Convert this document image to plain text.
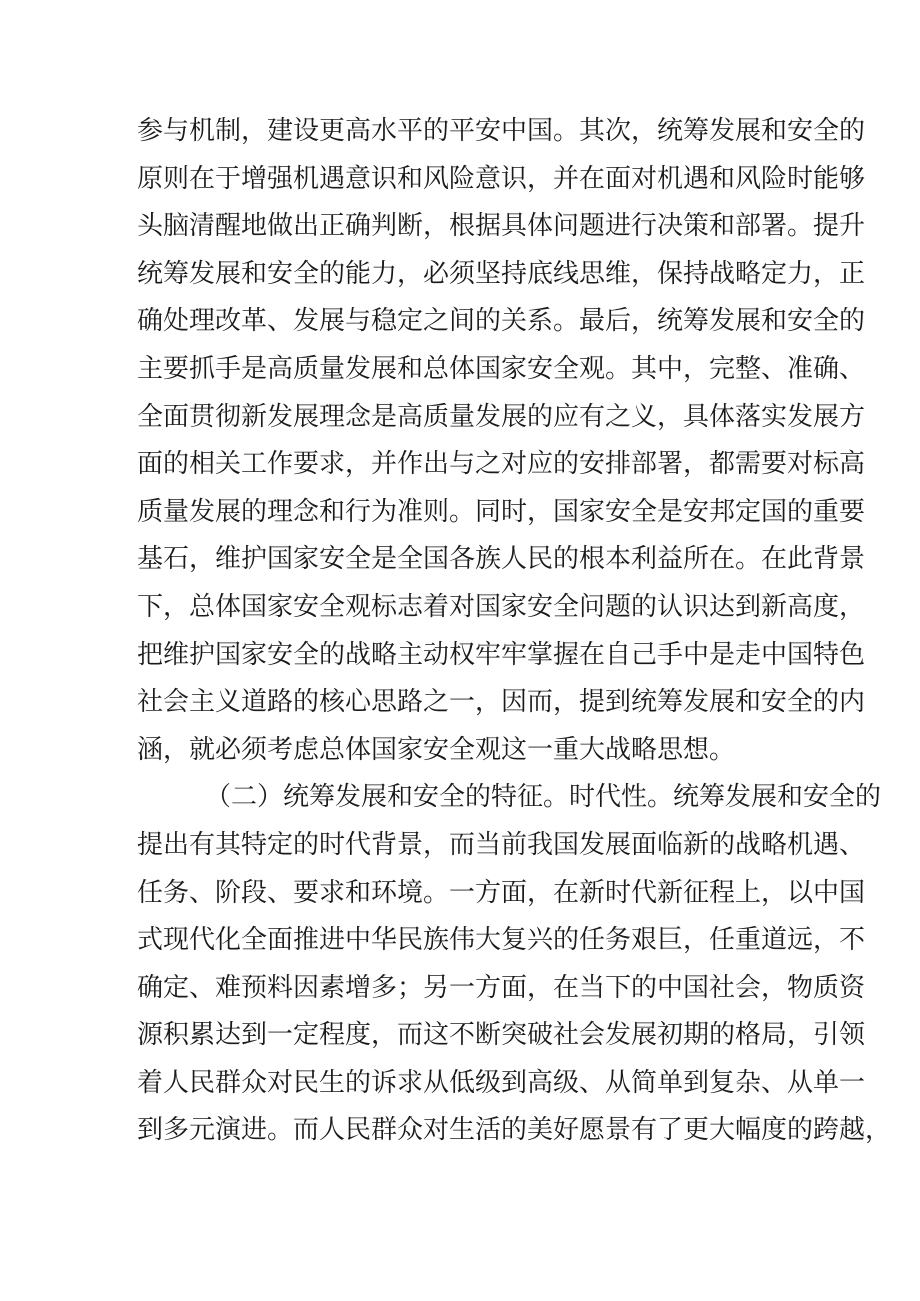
参与机制，建设更高水平的平安中国。其次，统筹发展和安全的
原则在于增强机遇意识和风险意识，并在面对机遇和风险时能够
头脑清醒地做出正确判断，根据具体问题进行决策和部署。提升
统筹发展和安全的能力，必须坚持底线思维，保持战略定力，正
确处理改革、发展与稳定之间的关系。最后，统筹发展和安全的
主要抓手是高质量发展和总体国家安全观。其中，完整、准确、
全面贯彻新发展理念是高质量发展的应有之义，具体落实发展方
面的相关工作要求，并作出与之对应的安排部署，都需要对标高
质量发展的理念和行为准则。同时，国家安全是安邦定国的重要
基石，维护国家安全是全国各族人民的根本利益所在。在此背景
下，总体国家安全观标志着对国家安全问题的认识达到新高度，
把维护国家安全的战略主动权牢牢掌握在自己手中是走中国特色
社会主义道路的核心思路之一，因而，提到统筹发展和安全的内
涵，就必须考虑总体国家安全观这一重大战略思想。
（二）统筹发展和安全的特征。时代性。统筹发展和安全的
提出有其特定的时代背景，而当前我国发展面临新的战略机遇、
任务、阶段、要求和环境。一方面，在新时代新征程上，以中国
式现代化全面推进中华民族伟大复兴的任务艰巨，任重道远，不
确定、难预料因素增多；另一方面，在当下的中国社会，物质资
源积累达到一定程度，而这不断突破社会发展初期的格局，引领
着人民群众对民生的诉求从低级到高级、从简单到复杂、从单一
到多元演进。而人民群众对生活的美好愿景有了更大幅度的跨越，
